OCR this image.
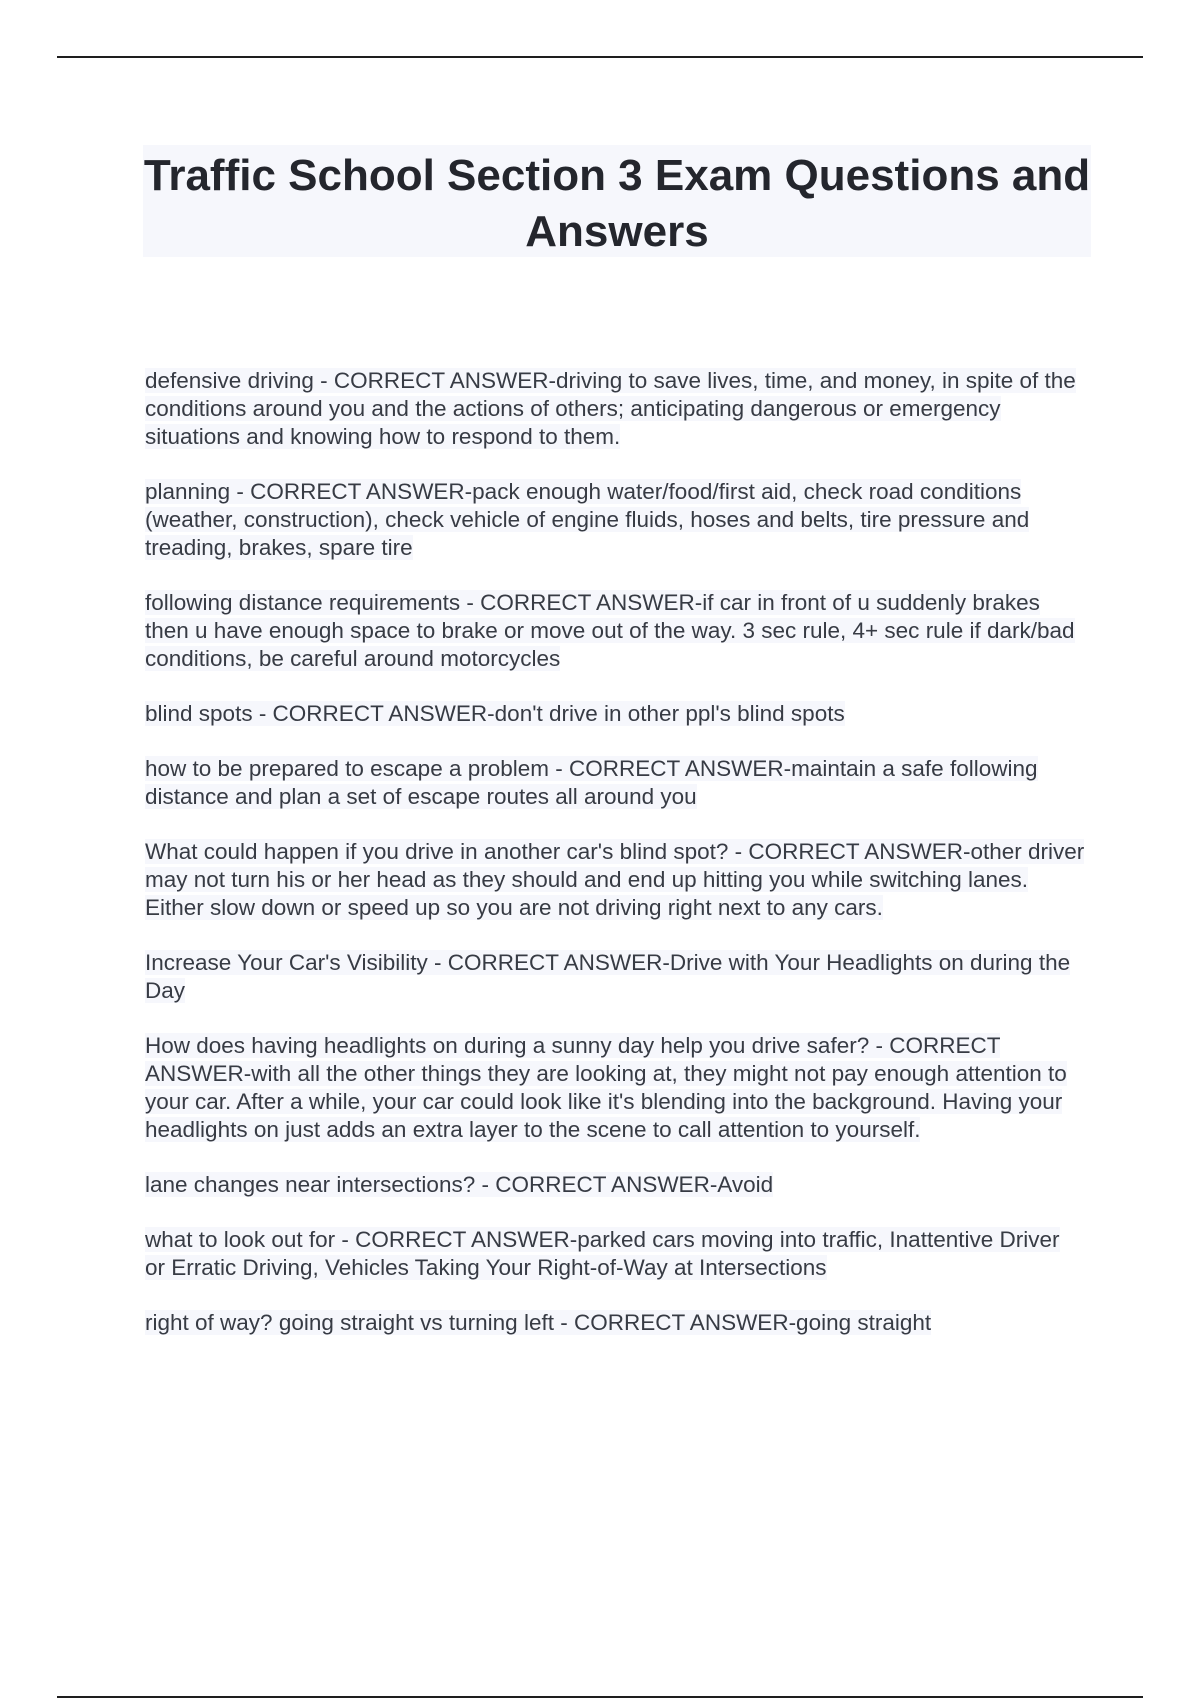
Traffic School Section 3 Exam Questions and Answers
defensive driving - CORRECT ANSWER-driving to save lives, time, and money, in spite of the conditions around you and the actions of others; anticipating dangerous or emergency situations and knowing how to respond to them.
planning - CORRECT ANSWER-pack enough water/food/first aid, check road conditions (weather, construction), check vehicle of engine fluids, hoses and belts, tire pressure and treading, brakes, spare tire
following distance requirements - CORRECT ANSWER-if car in front of u suddenly brakes then u have enough space to brake or move out of the way. 3 sec rule, 4+ sec rule if dark/bad conditions, be careful around motorcycles
blind spots - CORRECT ANSWER-don't drive in other ppl's blind spots
how to be prepared to escape a problem - CORRECT ANSWER-maintain a safe following distance and plan a set of escape routes all around you
What could happen if you drive in another car's blind spot? - CORRECT ANSWER-other driver may not turn his or her head as they should and end up hitting you while switching lanes. Either slow down or speed up so you are not driving right next to any cars.
Increase Your Car's Visibility - CORRECT ANSWER-Drive with Your Headlights on during the Day
How does having headlights on during a sunny day help you drive safer? - CORRECT ANSWER-with all the other things they are looking at, they might not pay enough attention to your car. After a while, your car could look like it's blending into the background. Having your headlights on just adds an extra layer to the scene to call attention to yourself.
lane changes near intersections? - CORRECT ANSWER-Avoid
what to look out for - CORRECT ANSWER-parked cars moving into traffic, Inattentive Driver or Erratic Driving, Vehicles Taking Your Right-of-Way at Intersections
right of way? going straight vs turning left - CORRECT ANSWER-going straight
